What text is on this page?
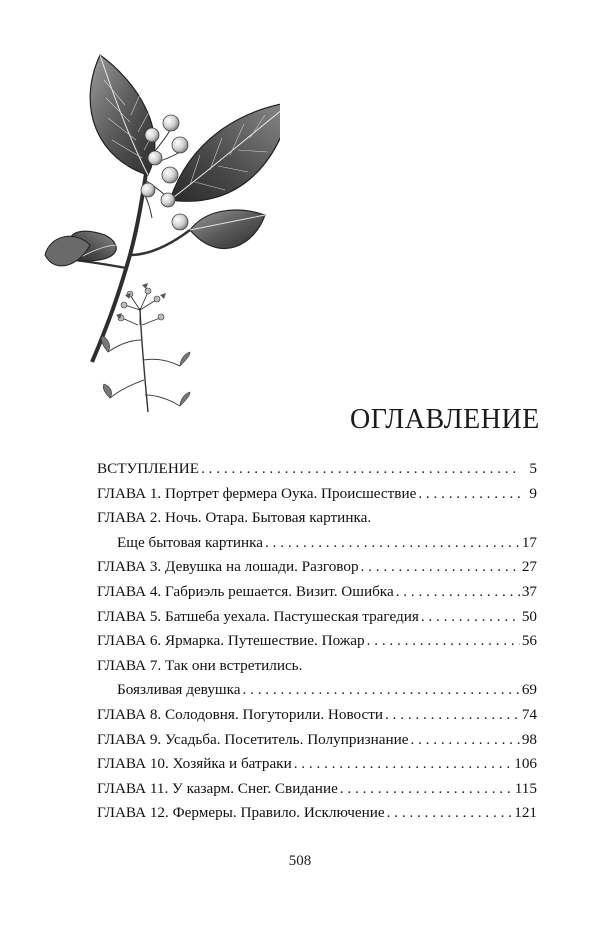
ОГЛАВЛЕНИЕ
ВСТУПЛЕНИЕ . . .	5
ГЛАВА 1. Портрет фермера Оука. Происшествие . . .	9
ГЛАВА 2. Ночь. Отара. Бытовая картинка.
Еще бытовая картинка . . .	17
ГЛАВА 3. Девушка на лошади. Разговор . . .	27
ГЛАВА 4. Габриэль решается. Визит. Ошибка . . .	37
ГЛАВА 5. Батшеба уехала. Пастушеская трагедия . . .	50
ГЛАВА 6. Ярмарка. Путешествие. Пожар . . .	56
ГЛАВА 7. Так они встретились.
Боязливая девушка . . .	69
ГЛАВА 8. Солодовня. Погуторили. Новости . . .	74
ГЛАВА 9. Усадьба. Посетитель. Полупризнание . . .	98
ГЛАВА 10. Хозяйка и батраки . . .	106
ГЛАВА 11. У казарм. Снег. Свидание . . .	115
ГЛАВА 12. Фермеры. Правило. Исключение . . .	121
508
